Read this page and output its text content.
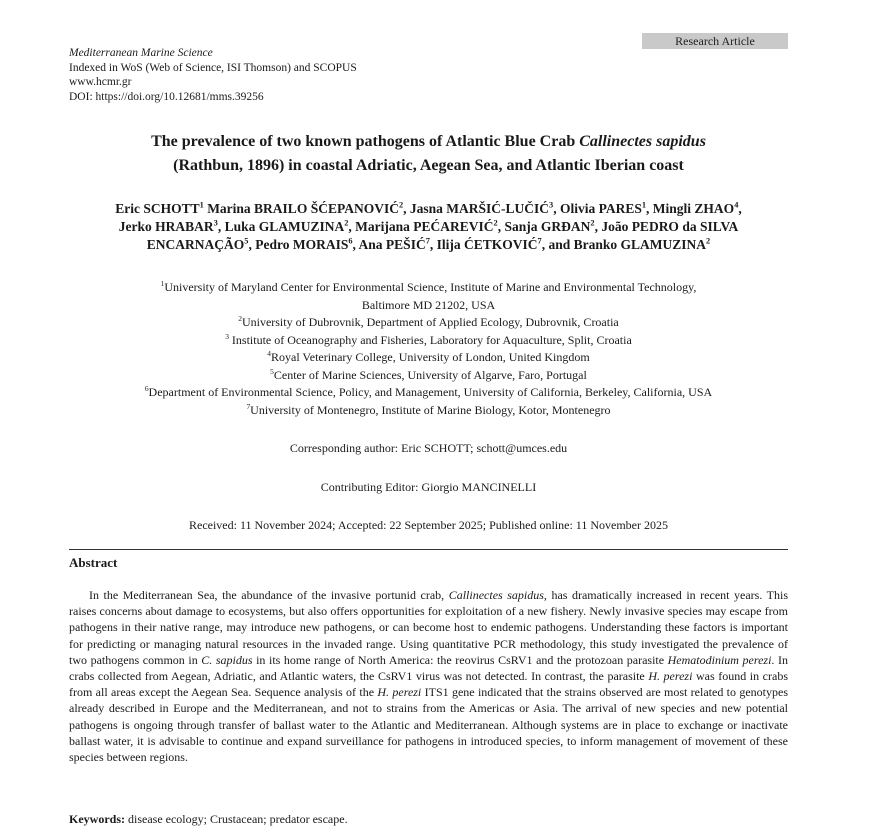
Research Article
Mediterranean Marine Science
Indexed in WoS (Web of Science, ISI Thomson) and SCOPUS
www.hcmr.gr
DOI: https://doi.org/10.12681/mms.39256
The prevalence of two known pathogens of Atlantic Blue Crab Callinectes sapidus
(Rathbun, 1896) in coastal Adriatic, Aegean Sea, and Atlantic Iberian coast
Eric SCHOTT$^1$ Marina BRAILO ŠĆEPANOVIĆ$^2$, Jasna MARŠIĆ-LUČIĆ$^3$, Olivia PARES$^1$, Mingli ZHAO$^4$,
Jerko HRABAR$^3$, Luka GLAMUZINA$^2$, Marijana PEĆAREVIĆ$^2$, Sanja GRĐAN$^2$, João PEDRO da SILVA
ENCARNAÇÃO$^5$, Pedro MORAIS$^6$, Ana PEŠIĆ$^7$, Ilija ĆETKOVIĆ$^7$, and Branko GLAMUZINA$^2$
$^1$University of Maryland Center for Environmental Science, Institute of Marine and Environmental Technology,
Baltimore MD 21202, USA
$^2$University of Dubrovnik, Department of Applied Ecology, Dubrovnik, Croatia
$^3$ Institute of Oceanography and Fisheries, Laboratory for Aquaculture, Split, Croatia
$^4$Royal Veterinary College, University of London, United Kingdom
$^5$Center of Marine Sciences, University of Algarve, Faro, Portugal
$^6$Department of Environmental Science, Policy, and Management, University of California, Berkeley, California, USA
$^7$University of Montenegro, Institute of Marine Biology, Kotor, Montenegro
Corresponding author: Eric SCHOTT; schott@umces.edu
Contributing Editor: Giorgio MANCINELLI
Received: 11 November 2024; Accepted: 22 September 2025; Published online: 11 November 2025
Abstract
In the Mediterranean Sea, the abundance of the invasive portunid crab, Callinectes sapidus, has dramatically increased in recent years. This raises concerns about damage to ecosystems, but also offers opportunities for exploitation of a new fishery. Newly invasive species may escape from pathogens in their native range, may introduce new pathogens, or can become host to endemic pathogens. Understanding these factors is important for predicting or managing natural resources in the invaded range. Using quantitative PCR methodology, this study investigated the prevalence of two pathogens common in C. sapidus in its home range of North America: the reovirus CsRV1 and the protozoan parasite Hematodinium perezi. In crabs collected from Aegean, Adriatic, and Atlantic waters, the CsRV1 virus was not detected. In contrast, the parasite H. perezi was found in crabs from all areas except the Aegean Sea. Sequence analysis of the H. perezi ITS1 gene indicated that the strains observed are most related to genotypes already described in Europe and the Mediterranean, and not to strains from the Americas or Asia. The arrival of new species and new potential pathogens is ongoing through transfer of ballast water to the Atlantic and Mediterranean. Although systems are in place to exchange or inactivate ballast water, it is advisable to continue and expand surveillance for pathogens in introduced species, to inform management of movement of these species between regions.
Keywords: disease ecology; Crustacean; predator escape.
